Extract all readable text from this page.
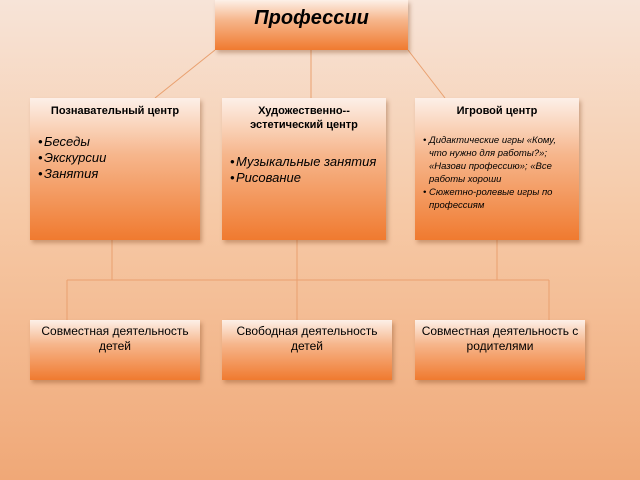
Профессии
Познавательный центр
• Беседы
• Экскурсии
• Занятия
Художественно--эстетический центр
• Музыкальные занятия
• Рисование
Игровой центр
• Дидактические игры «Кому, что нужно для работы?»; «Назови профессию»; «Все работы хороши
• Сюжетно-ролевые игры по профессиям
Совместная деятельность детей
Свободная деятельность детей
Совместная деятельность с родителями
